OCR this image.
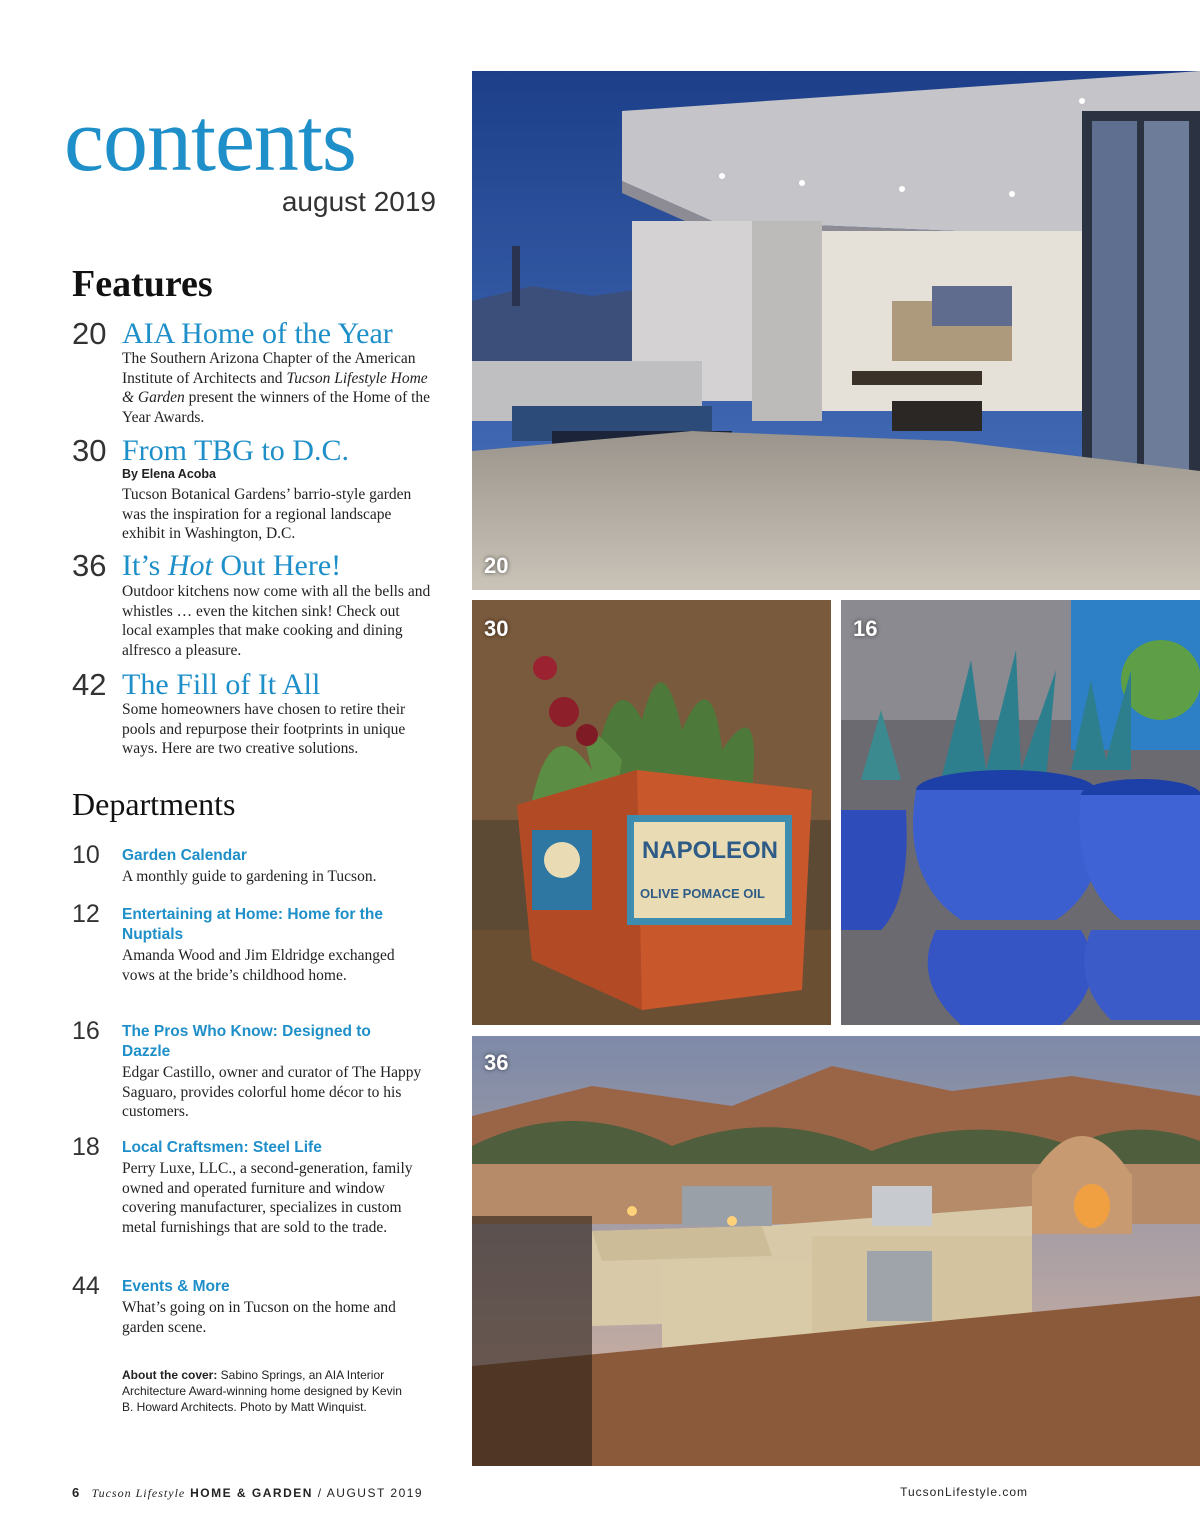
contents
august 2019
Features
20 AIA Home of the Year
The Southern Arizona Chapter of the American Institute of Architects and Tucson Lifestyle Home & Garden present the winners of the Home of the Year Awards.
30 From TBG to D.C.
By Elena Acoba
Tucson Botanical Gardens’ barrio-style garden was the inspiration for a regional landscape exhibit in Washington, D.C.
36 It’s Hot Out Here!
Outdoor kitchens now come with all the bells and whistles … even the kitchen sink! Check out local examples that make cooking and dining alfresco a pleasure.
42 The Fill of It All
Some homeowners have chosen to retire their pools and repurpose their footprints in unique ways. Here are two creative solutions.
Departments
10 Garden Calendar
A monthly guide to gardening in Tucson.
12 Entertaining at Home: Home for the Nuptials
Amanda Wood and Jim Eldridge exchanged vows at the bride’s childhood home.
16 The Pros Who Know: Designed to Dazzle
Edgar Castillo, owner and curator of The Happy Saguaro, provides colorful home décor to his customers.
18 Local Craftsmen: Steel Life
Perry Luxe, LLC., a second-generation, family owned and operated furniture and window covering manufacturer, specializes in custom metal furnishings that are sold to the trade.
44 Events & More
What’s going on in Tucson on the home and garden scene.
About the cover: Sabino Springs, an AIA Interior Architecture Award-winning home designed by Kevin B. Howard Architects. Photo by Matt Winquist.
20
NAPOLEON
OLIVE POMACE OIL
30	16
36
6 Tucson Lifestyle HOME & GARDEN / AUGUST 2019	TucsonLifestyle.com
